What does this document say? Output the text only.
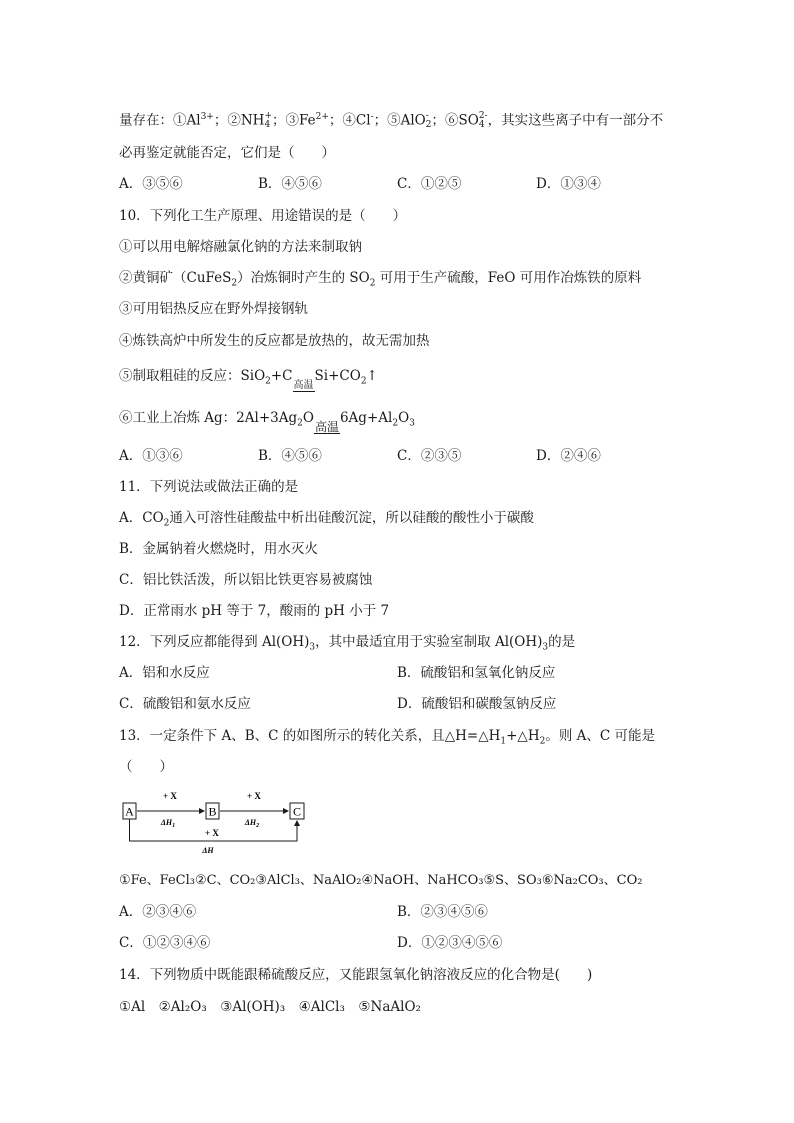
量存在：$①Al^{3+}$；②NH +
4 ；$③Fe^{2+}$；④Cl-；⑤AlO -
2 ；⑥SO 2-
4 ，其实这些离子中有一部分不
必再鉴定就能否定，它们是（　　）
A．③⑤⑥	B．④⑤⑥	C．①②⑤	D．①③④
10．下列化工生产原理、用途错误的是（　　）
①可以用电解熔融氯化钠的方法来制取钠
②黄铜矿（CuFeS$_2$）冶炼铜时产生的 $SO_2$ 可用于生产硫酸，FeO 可用作冶炼铁的原料
③可用铝热反应在野外焊接钢轨
④炼铁高炉中所发生的反应都是放热的，故无需加热
⑤制取粗硅的反应：SiO$_2$+C
高温
$Si+CO_2↑$
⑥工业上冶炼 Ag：$2Al+3Ag_2O$
高温
$6Ag+Al_2O_3$
A．①③⑥	B．④⑤⑥	C．②③⑤	D．②④⑥
11．下列说法或做法正确的是
A．$CO_2$通入可溶性硅酸盐中析出硅酸沉淀，所以硅酸的酸性小于碳酸
B．金属钠着火燃烧时，用水灭火
C．铝比铁活泼，所以铝比铁更容易被腐蚀
D．正常雨水 pH 等于 7，酸雨的 pH 小于 7
12．下列反应都能得到 $Al(OH)_3$，其中最适宜用于实验室制取 $Al(OH)_3$的是
A．铝和水反应	B．硫酸铝和氢氧化钠反应
C．硫酸铝和氨水反应	D．硫酸铝和碳酸氢钠反应
13．一定条件下 A、B、C 的如图所示的转化关系，且$\triangle H=\triangle H_1+\triangle H_2$。则 A、C 可能是
（　　）
A	B	C
+ X
$\Delta H_1$
+ X
$\Delta H_2$
+ X
ΔH
①Fe、FeCl₃②C、CO₂③AlCl₃、NaAlO₂④NaOH、NaHCO₃⑤S、SO₃⑥Na₂CO₃、CO₂
A．②③④⑥	B．②③④⑤⑥
C．①②③④⑥	D．①②③④⑤⑥
14．下列物质中既能跟稀硫酸反应，又能跟氢氧化钠溶液反应的化合物是(　　)
①Al　②Al₂O₃　③Al(OH)₃　④AlCl₃　⑤NaAlO₂
